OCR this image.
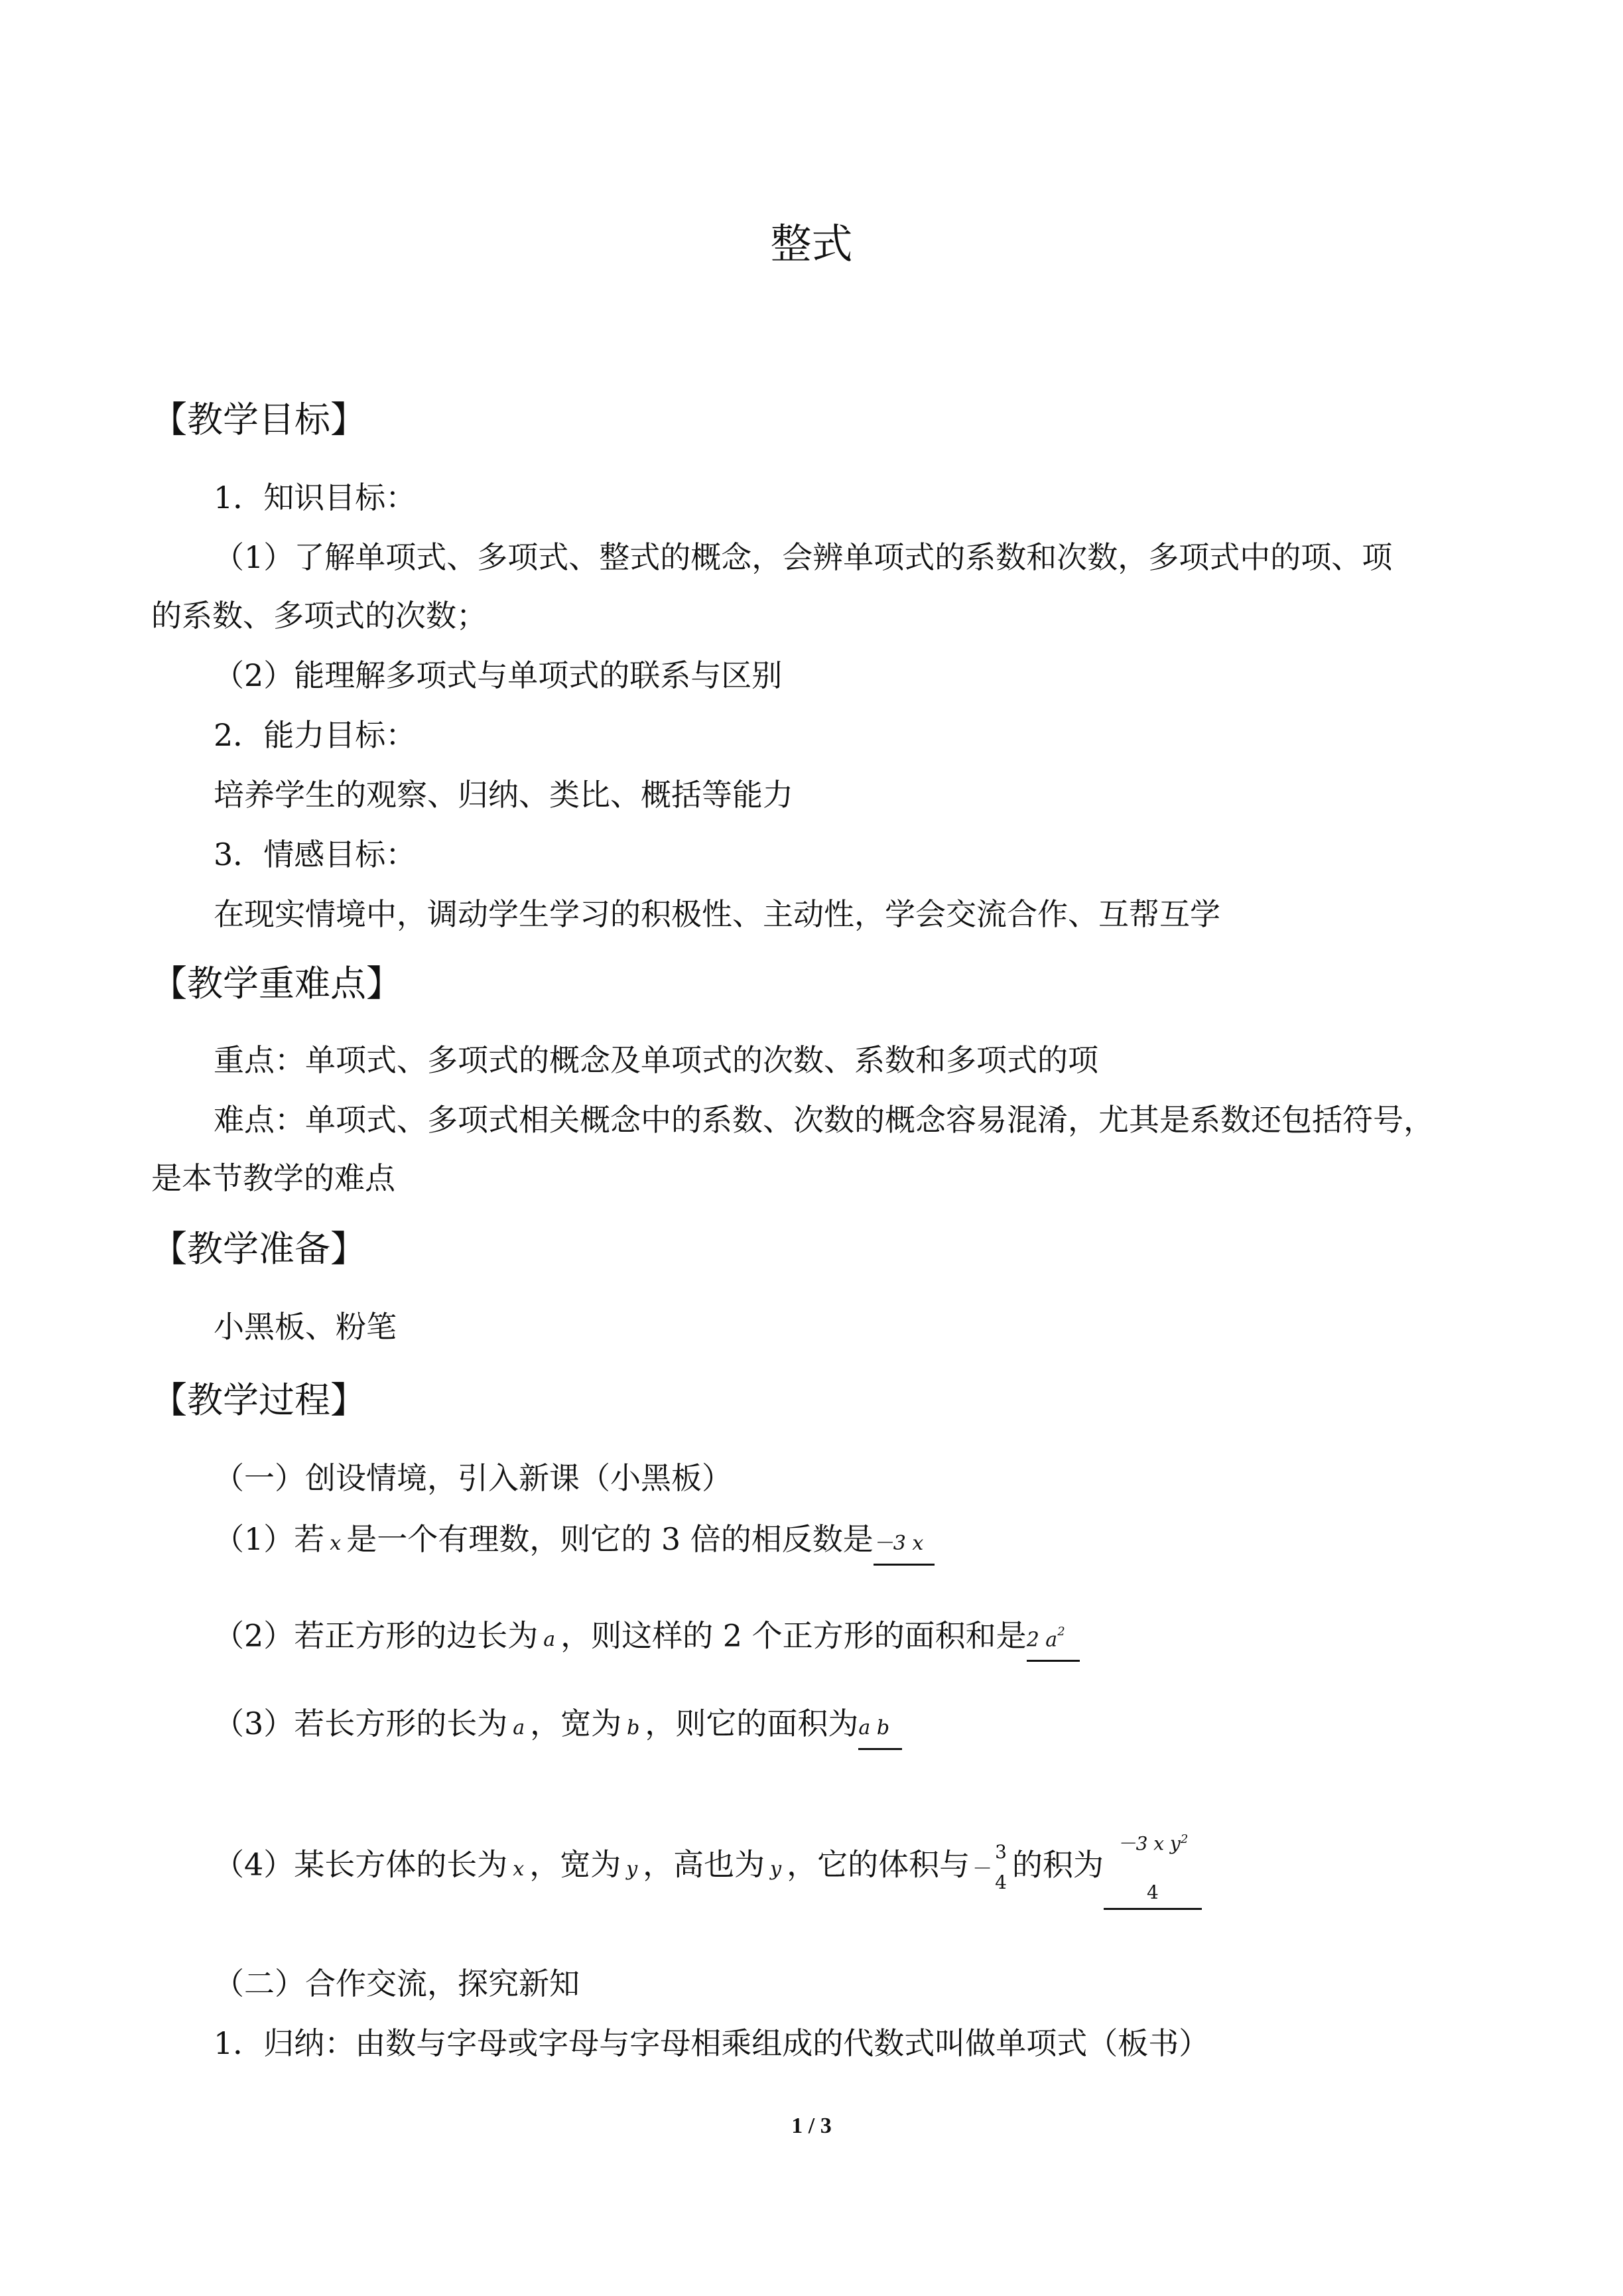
整式
【教学目标】
1．知识目标：
（1）了解单项式、多项式、整式的概念，会辨单项式的系数和次数，多项式中的项、项
的系数、多项式的次数；
（2）能理解多项式与单项式的联系与区别
2．能力目标：
培养学生的观察、归纳、类比、概括等能力
3．情感目标：
在现实情境中，调动学生学习的积极性、主动性，学会交流合作、互帮互学
【教学重难点】
重点：单项式、多项式的概念及单项式的次数、系数和多项式的项
难点：单项式、多项式相关概念中的系数、次数的概念容易混淆，尤其是系数还包括符号，
是本节教学的难点
【教学准备】
小黑板、粉笔
【教学过程】
（一）创设情境，引入新课（小黑板）
（1）若 x 是一个有理数，则它的 3 倍的相反数是－3 x
（2）若正方形的边长为 a ，则这样的 2 个正方形的面积和是2 $a^2$
（3）若长方形的长为 a ，宽为 b ，则它的面积为a b
（4）某长方体的长为 x ，宽为 y ，高也为 y ，它的体积与 －
3
4 的积为
－3 x $y^2$
4
（二）合作交流，探究新知
1．归纳：由数与字母或字母与字母相乘组成的代数式叫做单项式（板书）
1 / 3
